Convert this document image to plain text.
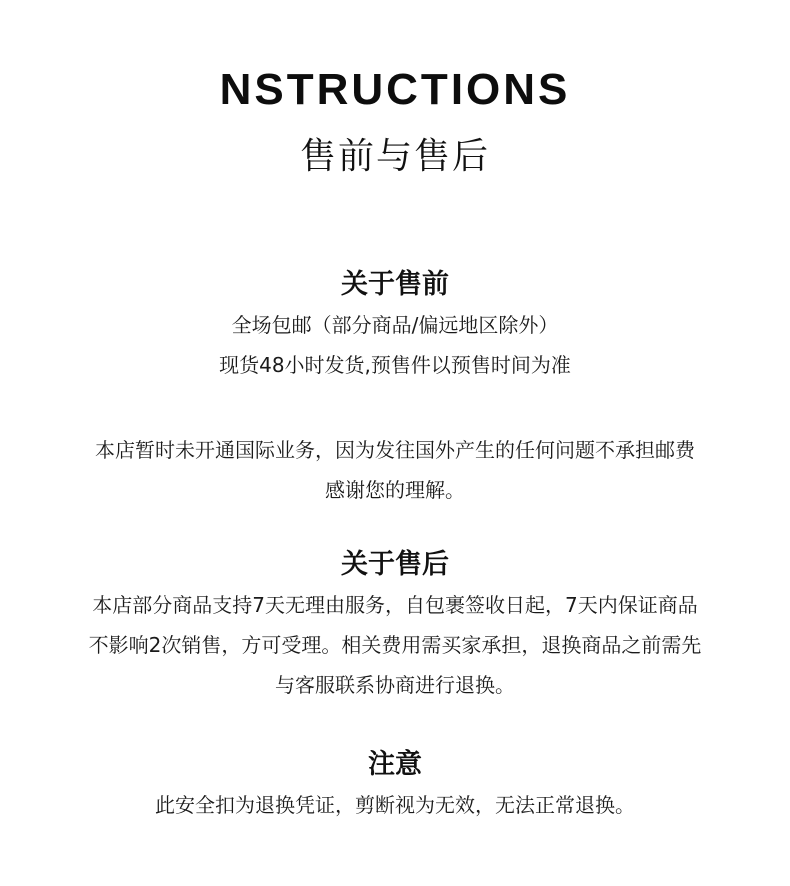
NSTRUCTIONS
售前与售后
关于售前

全场包邮（部分商品/偏远地区除外）

现货48小时发货,预售件以预售时间为准

本店暂时未开通国际业务，因为发往国外产生的任何问题不承担邮费

感谢您的理解。

关于售后

本店部分商品支持7天无理由服务，自包裹签收日起，7天内保证商品

不影响2次销售，方可受理。相关费用需买家承担，退换商品之前需先

与客服联系协商进行退换。

注意

此安全扣为退换凭证，剪断视为无效，无法正常退换。
